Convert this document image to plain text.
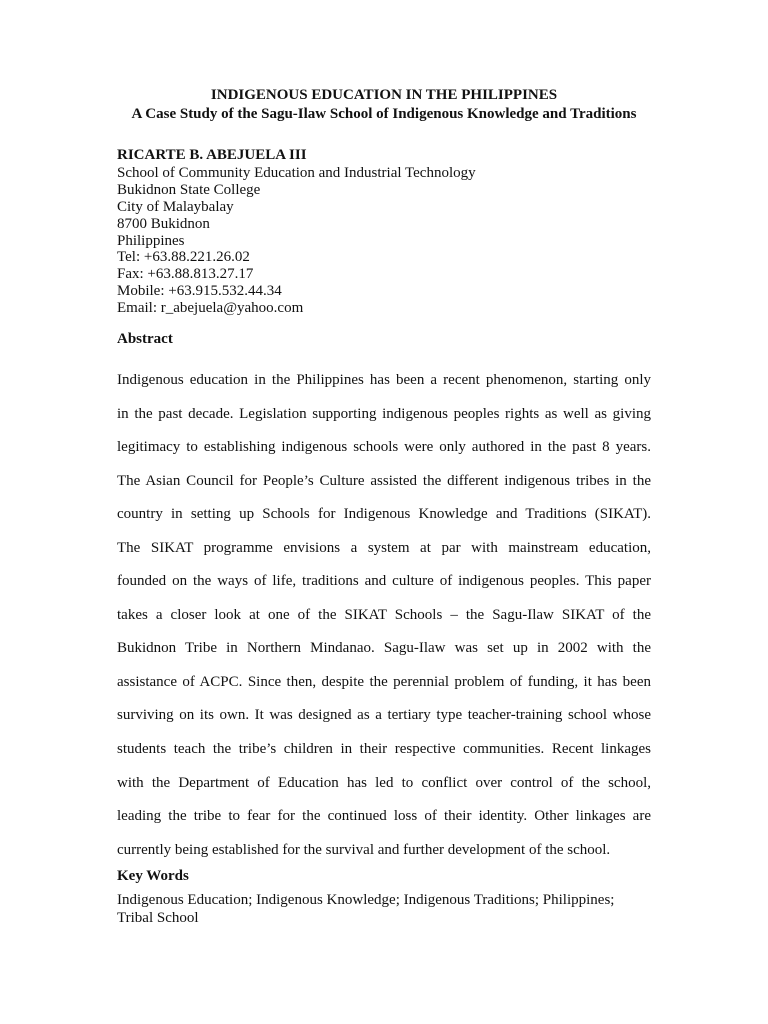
INDIGENOUS EDUCATION IN THE PHILIPPINES
A Case Study of the Sagu-Ilaw School of Indigenous Knowledge and Traditions
RICARTE B. ABEJUELA III
School of Community Education and Industrial Technology
Bukidnon State College
City of Malaybalay
8700 Bukidnon
Philippines
Tel: +63.88.221.26.02
Fax: +63.88.813.27.17
Mobile: +63.915.532.44.34
Email: r_abejuela@yahoo.com
Abstract
Indigenous education in the Philippines has been a recent phenomenon, starting only
in the past decade. Legislation supporting indigenous peoples rights as well as giving
legitimacy to establishing indigenous schools were only authored in the past 8 years.
The Asian Council for People’s Culture assisted the different indigenous tribes in the
country in setting up Schools for Indigenous Knowledge and Traditions (SIKAT).
The SIKAT programme envisions a system at par with mainstream education,
founded on the ways of life, traditions and culture of indigenous peoples. This paper
takes a closer look at one of the SIKAT Schools – the Sagu-Ilaw SIKAT of the
Bukidnon Tribe in Northern Mindanao. Sagu-Ilaw was set up in 2002 with the
assistance of ACPC. Since then, despite the perennial problem of funding, it has been
surviving on its own. It was designed as a tertiary type teacher-training school whose
students teach the tribe’s children in their respective communities. Recent linkages
with the Department of Education has led to conflict over control of the school,
leading the tribe to fear for the continued loss of their identity. Other linkages are
currently being established for the survival and further development of the school.
Key Words
Indigenous Education; Indigenous Knowledge; Indigenous Traditions; Philippines;
Tribal School
